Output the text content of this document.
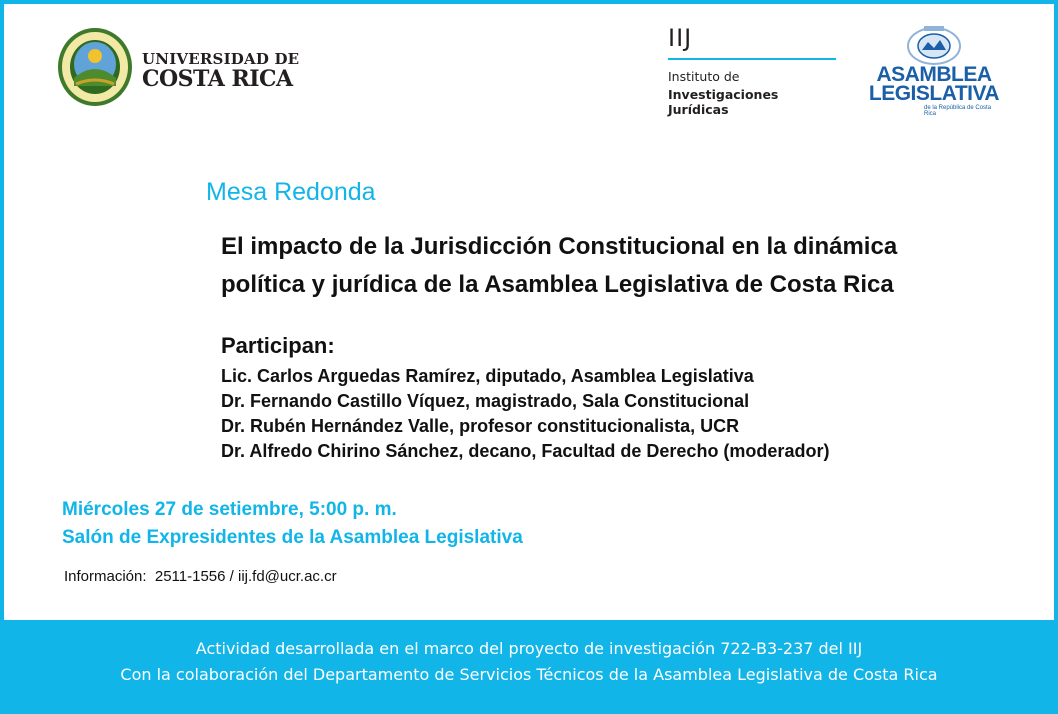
UNIVERSIDAD DE
COSTA RICA
IIJ
Instituto de
Investigaciones Jurídicas
ASAMBLEA
LEGISLATIVA
de la República de Costa Rica
Mesa Redonda
El impacto de la Jurisdicción Constitucional en la dinámica
política y jurídica de la Asamblea Legislativa de Costa Rica
Participan:
Lic. Carlos Arguedas Ramírez, diputado, Asamblea Legislativa
Dr. Fernando Castillo Víquez, magistrado, Sala Constitucional
Dr. Rubén Hernández Valle, profesor constitucionalista, UCR
Dr. Alfredo Chirino Sánchez, decano, Facultad de Derecho (moderador)
Miércoles 27 de setiembre, 5:00 p. m.
Salón de Expresidentes de la Asamblea Legislativa
Información:  2511-1556 / iij.fd@ucr.ac.cr
Actividad desarrollada en el marco del proyecto de investigación 722-B3-237 del IIJ
Con la colaboración del Departamento de Servicios Técnicos de la Asamblea Legislativa de Costa Rica
